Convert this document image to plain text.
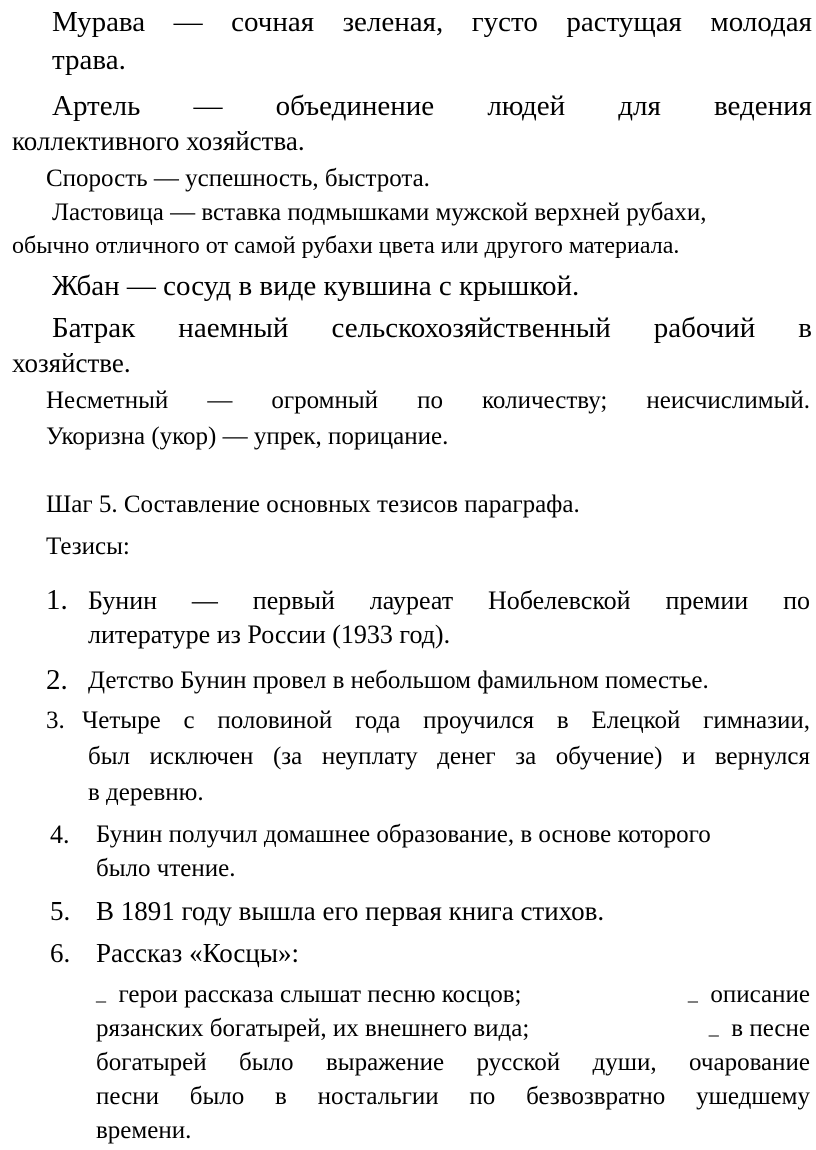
Мурава — сочная зеленая, густо растущая молодая
трава.
Артель — объединение людей для ведения
коллективного хозяйства.
Спорость — успешность, быстрота.
Ластовица — вставка подмышками мужской верхней рубахи,
обычно отличного от самой рубахи цвета или другого материала.
Жбан — сосуд в виде кувшина с крышкой.
Батрак наемный сельскохозяйственный рабочий в
хозяйстве.
Несметный — огромный по количеству; неисчислимый.
Укоризна (укор) — упрек, порицание.
Шаг 5. Составление основных тезисов параграфа.
Тезисы:
1. Бунин — первый лауреат Нобелевской премии по
литературе из России (1933 год).
2. Детство Бунин провел в небольшом фамильном поместье.
3. Четыре с половиной года проучился в Елецкой гимназии,
был исключен (за неуплату денег за обучение) и вернулся
в деревню.
4. Бунин получил домашнее образование, в основе которого
было чтение.
5. В 1891 году вышла его первая книга стихов.
6. Рассказ «Косцы»:
_ герои рассказа слышат песню косцов;	_ описание
рязанских богатырей, их внешнего вида;	_ в песне
богатырей было выражение русской души, очарование
песни было в ностальгии по безвозвратно ушедшему
времени.
